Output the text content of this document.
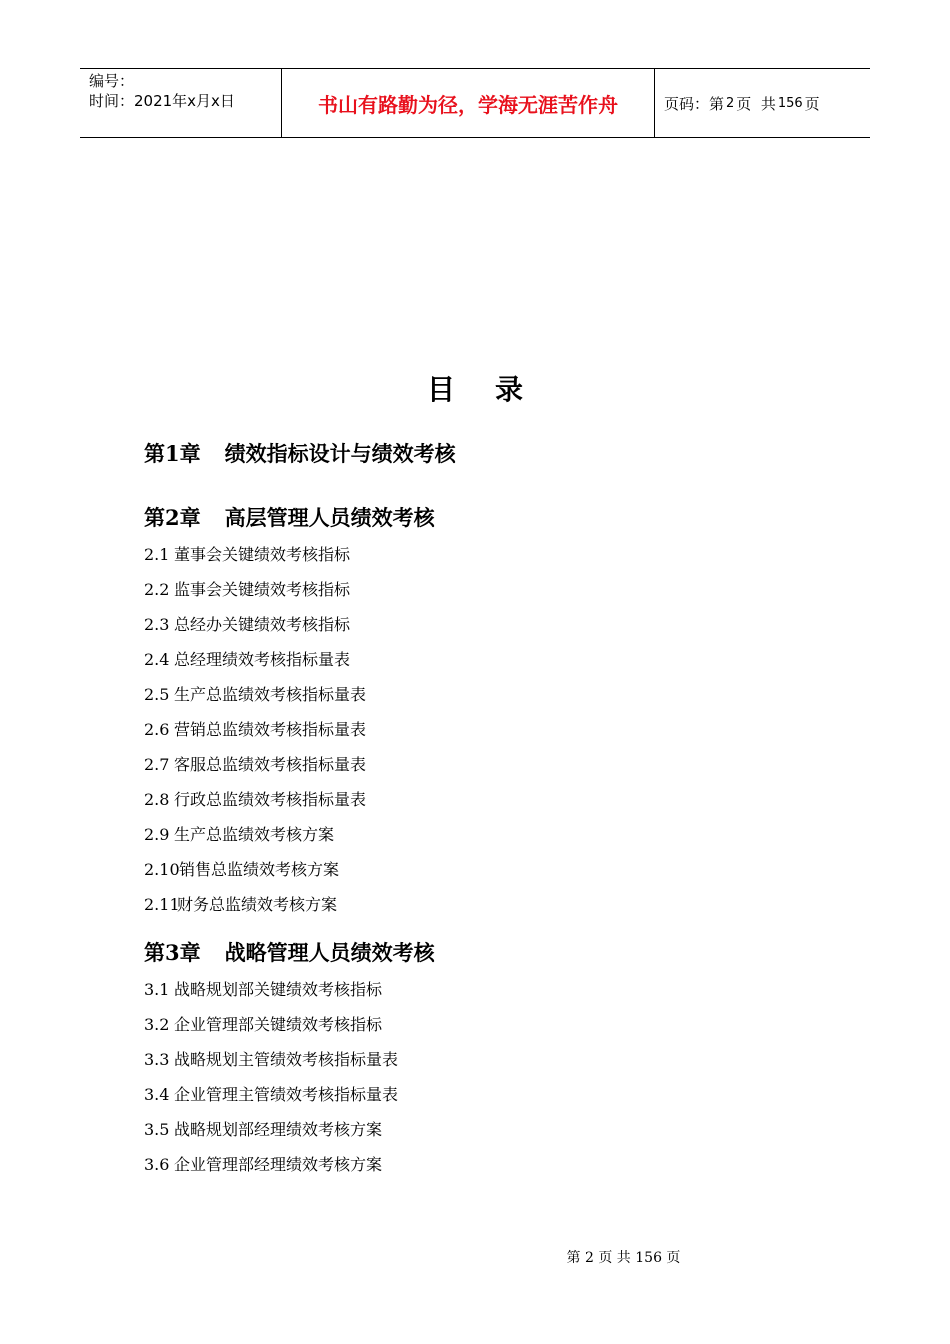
编号：
时间：2021年x月x日	书山有路勤为径，学海无涯苦作舟	页码：第 2 页  共 156 页
目 录
第1章 绩效指标设计与绩效考核
第2章 高层管理人员绩效考核
2.1 董事会关键绩效考核指标
2.2 监事会关键绩效考核指标
2.3 总经办关键绩效考核指标
2.4 总经理绩效考核指标量表
2.5 生产总监绩效考核指标量表
2.6 营销总监绩效考核指标量表
2.7 客服总监绩效考核指标量表
2.8 行政总监绩效考核指标量表
2.9 生产总监绩效考核方案
2.10销售总监绩效考核方案
2.11财务总监绩效考核方案
第3章 战略管理人员绩效考核
3.1 战略规划部关键绩效考核指标
3.2 企业管理部关键绩效考核指标
3.3 战略规划主管绩效考核指标量表
3.4 企业管理主管绩效考核指标量表
3.5 战略规划部经理绩效考核方案
3.6 企业管理部经理绩效考核方案
第 2 页 共 156 页
